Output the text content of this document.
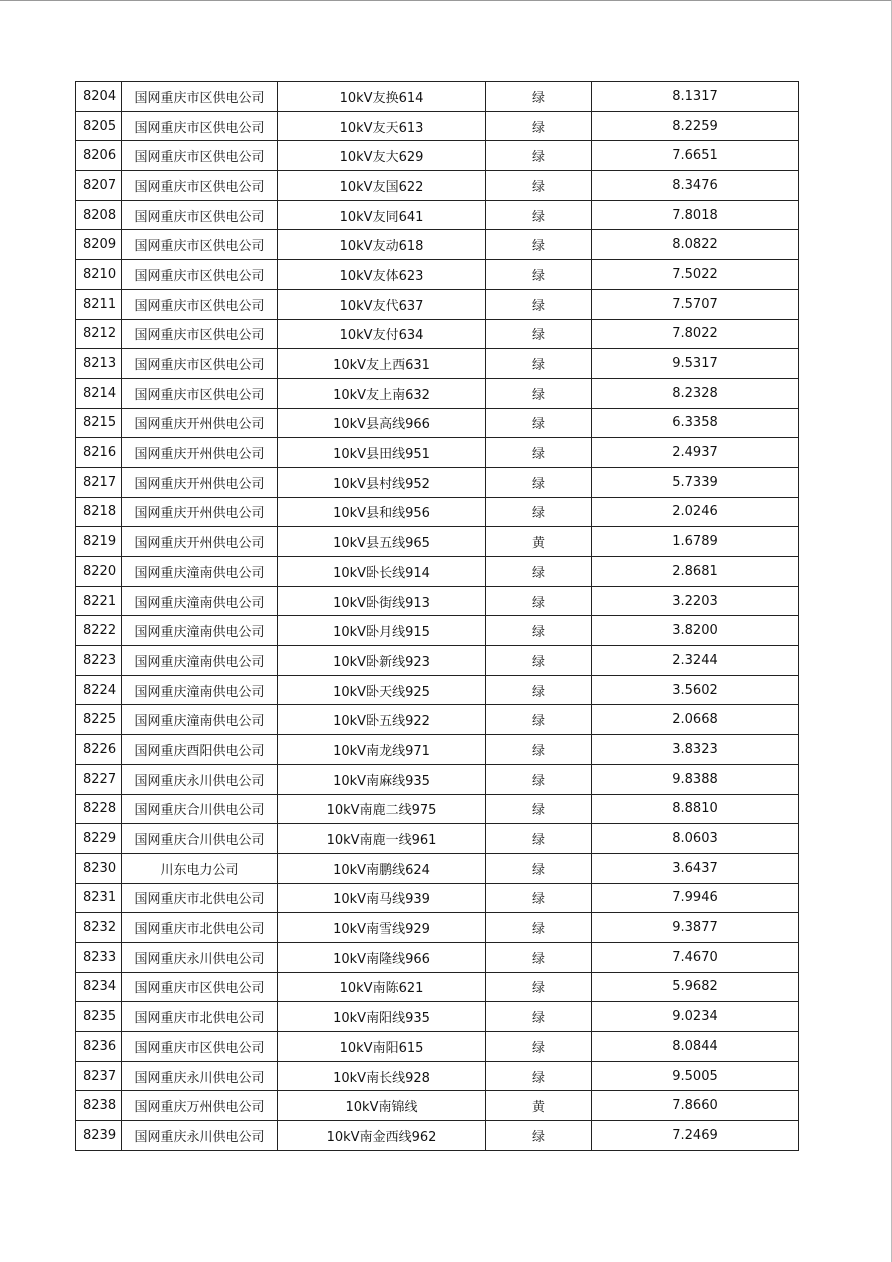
8204	国网重庆市区供电公司	10kV友换614	绿	8.1317
8205	国网重庆市区供电公司	10kV友天613	绿	8.2259
8206	国网重庆市区供电公司	10kV友大629	绿	7.6651
8207	国网重庆市区供电公司	10kV友国622	绿	8.3476
8208	国网重庆市区供电公司	10kV友同641	绿	7.8018
8209	国网重庆市区供电公司	10kV友动618	绿	8.0822
8210	国网重庆市区供电公司	10kV友体623	绿	7.5022
8211	国网重庆市区供电公司	10kV友代637	绿	7.5707
8212	国网重庆市区供电公司	10kV友付634	绿	7.8022
8213	国网重庆市区供电公司	10kV友上西631	绿	9.5317
8214	国网重庆市区供电公司	10kV友上南632	绿	8.2328
8215	国网重庆开州供电公司	10kV县高线966	绿	6.3358
8216	国网重庆开州供电公司	10kV县田线951	绿	2.4937
8217	国网重庆开州供电公司	10kV县村线952	绿	5.7339
8218	国网重庆开州供电公司	10kV县和线956	绿	2.0246
8219	国网重庆开州供电公司	10kV县五线965	黄	1.6789
8220	国网重庆潼南供电公司	10kV卧长线914	绿	2.8681
8221	国网重庆潼南供电公司	10kV卧街线913	绿	3.2203
8222	国网重庆潼南供电公司	10kV卧月线915	绿	3.8200
8223	国网重庆潼南供电公司	10kV卧新线923	绿	2.3244
8224	国网重庆潼南供电公司	10kV卧天线925	绿	3.5602
8225	国网重庆潼南供电公司	10kV卧五线922	绿	2.0668
8226	国网重庆酉阳供电公司	10kV南龙线971	绿	3.8323
8227	国网重庆永川供电公司	10kV南麻线935	绿	9.8388
8228	国网重庆合川供电公司	10kV南鹿二线975	绿	8.8810
8229	国网重庆合川供电公司	10kV南鹿一线961	绿	8.0603
8230	川东电力公司	10kV南鹏线624	绿	3.6437
8231	国网重庆市北供电公司	10kV南马线939	绿	7.9946
8232	国网重庆市北供电公司	10kV南雪线929	绿	9.3877
8233	国网重庆永川供电公司	10kV南隆线966	绿	7.4670
8234	国网重庆市区供电公司	10kV南陈621	绿	5.9682
8235	国网重庆市北供电公司	10kV南阳线935	绿	9.0234
8236	国网重庆市区供电公司	10kV南阳615	绿	8.0844
8237	国网重庆永川供电公司	10kV南长线928	绿	9.5005
8238	国网重庆万州供电公司	10kV南锦线	黄	7.8660
8239	国网重庆永川供电公司	10kV南金西线962	绿	7.2469
